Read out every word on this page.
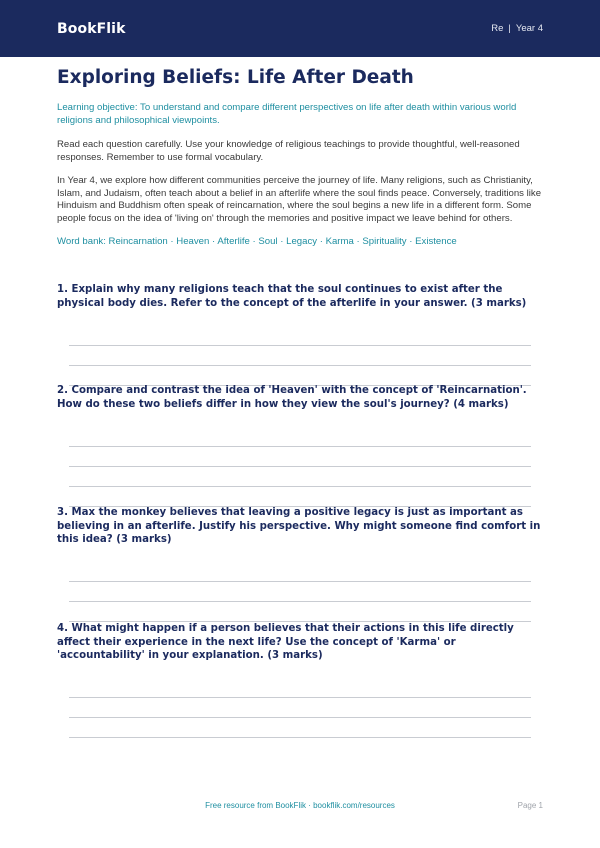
BookFlik	Re | Year 4
Exploring Beliefs: Life After Death

Learning objective: To understand and compare different perspectives on life after death within various world religions and philosophical viewpoints.

Read each question carefully. Use your knowledge of religious teachings to provide thoughtful, well-reasoned responses. Remember to use formal vocabulary.

In Year 4, we explore how different communities perceive the journey of life. Many religions, such as Christianity, Islam, and Judaism, often teach about a belief in an afterlife where the soul finds peace. Conversely, traditions like Hinduism and Buddhism often speak of reincarnation, where the soul begins a new life in a different form. Some people focus on the idea of 'living on' through the memories and positive impact we leave behind for others.

Word bank: Reincarnation · Heaven · Afterlife · Soul · Legacy · Karma · Spirituality · Existence

1. Explain why many religions teach that the soul continues to exist after the physical body dies. Refer to the concept of the afterlife in your answer. (3 marks)

2. Compare and contrast the idea of 'Heaven' with the concept of 'Reincarnation'. How do these two beliefs differ in how they view the soul's journey? (4 marks)

3. Max the monkey believes that leaving a positive legacy is just as important as believing in an afterlife. Justify his perspective. Why might someone find comfort in this idea? (3 marks)

4. What might happen if a person believes that their actions in this life directly affect their experience in the next life? Use the concept of 'Karma' or 'accountability' in your explanation. (3 marks)

Free resource from BookFlik · bookflik.com/resources	Page 1
